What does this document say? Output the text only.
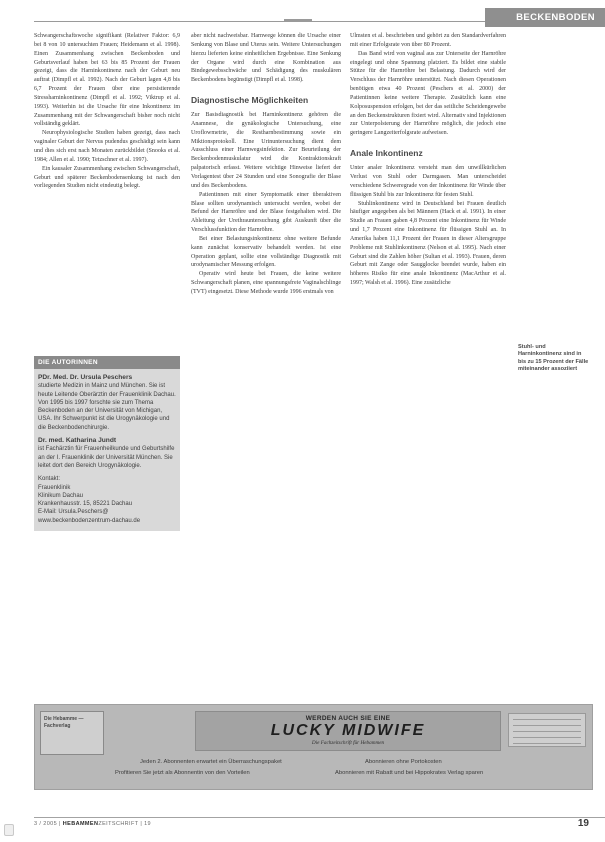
BECKENBODEN

Schwangerschaftswoche signifikant (Relativer Faktor: 6,9 bei 8 von 10 untersuchten Frauen; Heidemann et al. 1998). Einen Zusammenhang zwischen Beckenboden und Geburtsverlauf haben bei 63 bis 85 Prozent der Frauen gezeigt, dass die Harninkontinenz nach der Geburt neu auftrat (Dimpfl et al. 1992). Nach der Geburt lagen 4,8 bis 6,7 Prozent der Frauen über eine persistierende Stressharninkontinenz (Dimpfl et al. 1992; Viktrup et al. 1993). Weiterhin ist die Ursache für eine Inkontinenz im Zusammenhang mit der Schwangerschaft bisher noch nicht vollständig geklärt.

Neurophysiologische Studien haben gezeigt, dass nach vaginaler Geburt der Nervus pudendus geschädigt sein kann und dies sich erst nach Monaten zurückbildet (Snooks et al. 1984; Allen et al. 1990; Tetzschner et al. 1997).

Ein kausaler Zusammenhang zwischen Schwangerschaft, Geburt und späterer Beckenbodensenkung ist nach den vorliegenden Studien nicht eindeutig belegt.

DIE AUTORINNEN
PDr. Med. Dr. Ursula Peschers
studierte Medizin in Mainz und München. Sie ist heute Leitende Oberärztin der Frauenklinik Dachau. Von 1995 bis 1997 forschte sie zum Thema Beckenboden an der Universität von Michigan, USA. Ihr Schwerpunkt ist die Urogynäkologie und die Beckenbodenchirurgie.
Dr. med. Katharina Jundt
ist Fachärztin für Frauenheilkunde und Geburtshilfe an der I. Frauenklinik der Universität München. Sie leitet dort den Bereich Urogynäkologie.
Kontakt:
Frauenklinik
Klinikum Dachau
Krankenhausstr. 15, 85221 Dachau
E-Mail: Ursula.Peschers@
www.beckenbodenzentrum-dachau.de

aber nicht nachweisbar. Harnwege können die Ursache einer Senkung von Blase und Uterus sein. Weitere Untersuchungen hierzu lieferten keine einheitlichen Ergebnisse. Eine Senkung der Organe wird durch eine Kombination aus Bindegewebsschwäche und Schädigung des muskulären Beckenbodens begünstigt (Dimpfl et al. 1998).

Diagnostische Möglichkeiten

Zur Basisdiagnostik bei Harninkontinenz gehören die Anamnese, die gynäkologische Untersuchung, eine Uroflowmetrie, die Restharnbestimmung sowie ein Miktionsprotokoll. Eine Urinuntersuchung dient dem Ausschluss einer Harnwegsinfektion. Zur Beurteilung der Beckenbodenmuskulatur wird die Kontraktionskraft palpatorisch erfasst. Weitere wichtige Hinweise liefert der Vorlagentest über 24 Stunden und eine Sonografie der Blase und des Beckenbodens.

Patientinnen mit einer Symptomatik einer überaktiven Blase sollten urodynamisch untersucht werden, wobei der Befund der Harnröhre und der Blase festgehalten wird. Die Ableitung der Urethrauntersuchung gibt Auskunft über die Verschlussfunktion der Harnröhre.

Bei einer Belastungsinkontinenz ohne weitere Befunde kann zunächst konservativ behandelt werden. Ist eine Operation geplant, sollte eine vollständige Diagnostik mit urodynamischer Messung erfolgen.

Operativ wird heute bei Frauen, die keine weitere Schwangerschaft planen, eine spannungsfreie Vaginalschlinge (TVT) eingesetzt. Diese Methode wurde 1996 erstmals von

Ulmsten et al. beschrieben und gehört zu den Standardverfahren mit einer Erfolgsrate von über 80 Prozent.

Das Band wird von vaginal aus zur Unterseite der Harnröhre eingelegt und ohne Spannung platziert. Es bildet eine stabile Stütze für die Harnröhre bei Belastung. Dadurch wird der Verschluss der Harnröhre unterstützt. Nach diesen Operationen benötigen etwa 40 Prozent (Peschers et al. 2000) der Patientinnen keine weitere Therapie. Zusätzlich kann eine Kolposuspension erfolgen, bei der das seitliche Scheidengewebe an den Beckenstrukturen fixiert wird. Alternativ sind Injektionen zur Unterpolsterung der Harnröhre möglich, die jedoch eine geringere Langzeiterfolgsrate aufweisen.

Anale Inkontinenz

Unter analer Inkontinenz versteht man den unwillkürlichen Verlust von Stuhl oder Darmgasen. Man unterscheidet verschiedene Schweregrade von der Inkontinenz für Winde über flüssigen Stuhl bis zur Inkontinenz für festen Stuhl.

Stuhlinkontinenz wird in Deutschland bei Frauen deutlich häufiger angegeben als bei Männern (Hack et al. 1991). In einer Studie an Frauen gaben 4,8 Prozent eine Inkontinenz für Winde und 1,7 Prozent eine Inkontinenz für flüssigen Stuhl an. In Amerika haben 11,1 Prozent der Frauen in dieser Altersgruppe Probleme mit Stuhlinkontinenz (Nelson et al. 1995). Nach einer Geburt sind die Zahlen höher (Sultan et al. 1993). Frauen, deren Geburt mit Zange oder Saugglocke beendet wurde, haben ein höheres Risiko für eine anale Inkontinenz (MacArthur et al. 1997; Walsh et al. 1996). Eine zusätzliche

Stuhl- und Harninkontinenz sind in bis zu 15 Prozent der Fälle miteinander assoziiert
Die Hebamme — Fachverlag
WERDEN AUCH SIE EINE
LUCKY MIDWIFE
Die Fachzeitschrift für Hebammen
Jeden 2. Abonnenten erwartet ein Überraschungspaket
Profitieren Sie jetzt als Abonnentin von den Vorteilen
Abonnieren ohne Portokosten
Abonnieren mit Rabatt und bei Hippokrates Verlag sparen
3 / 2005 | HEBAMMENZEITSCHRIFT | 19	19
